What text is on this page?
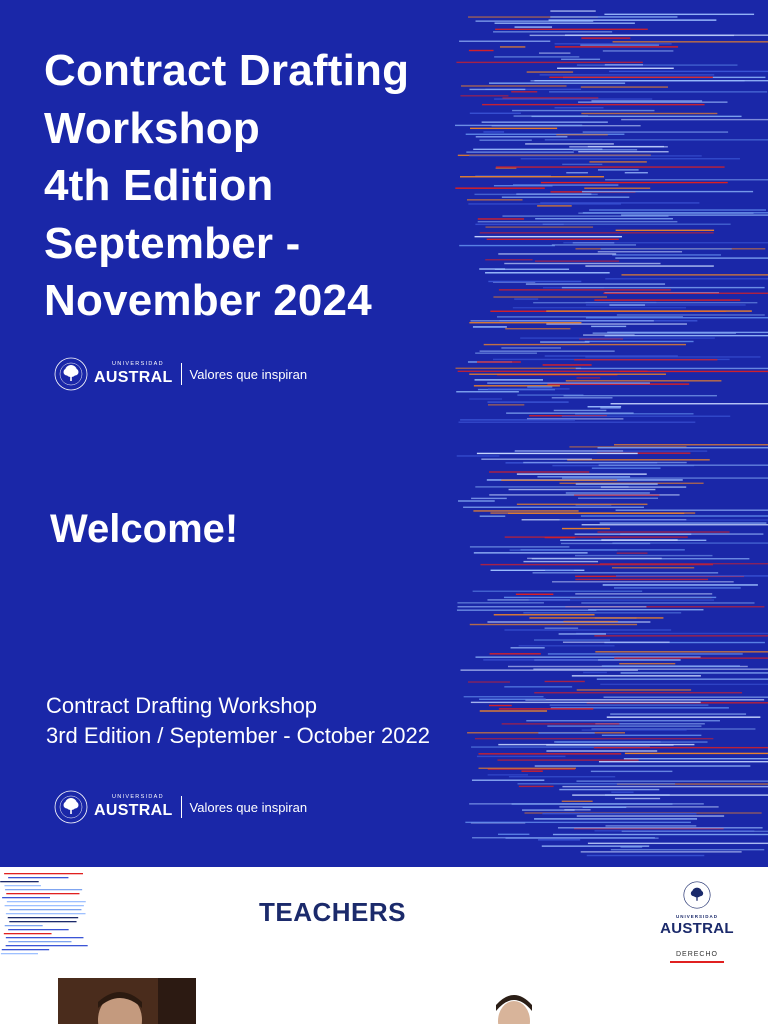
Contract Drafting
Workshop
4th Edition
September -
November 2024
UNIVERSIDAD
AUSTRAL Valores que inspiran
Welcome!
Contract Drafting Workshop
3rd Edition / September - October 2022
UNIVERSIDAD
AUSTRAL Valores que inspiran
TEACHERS	UNIVERSIDAD
AUSTRAL
DERECHO
